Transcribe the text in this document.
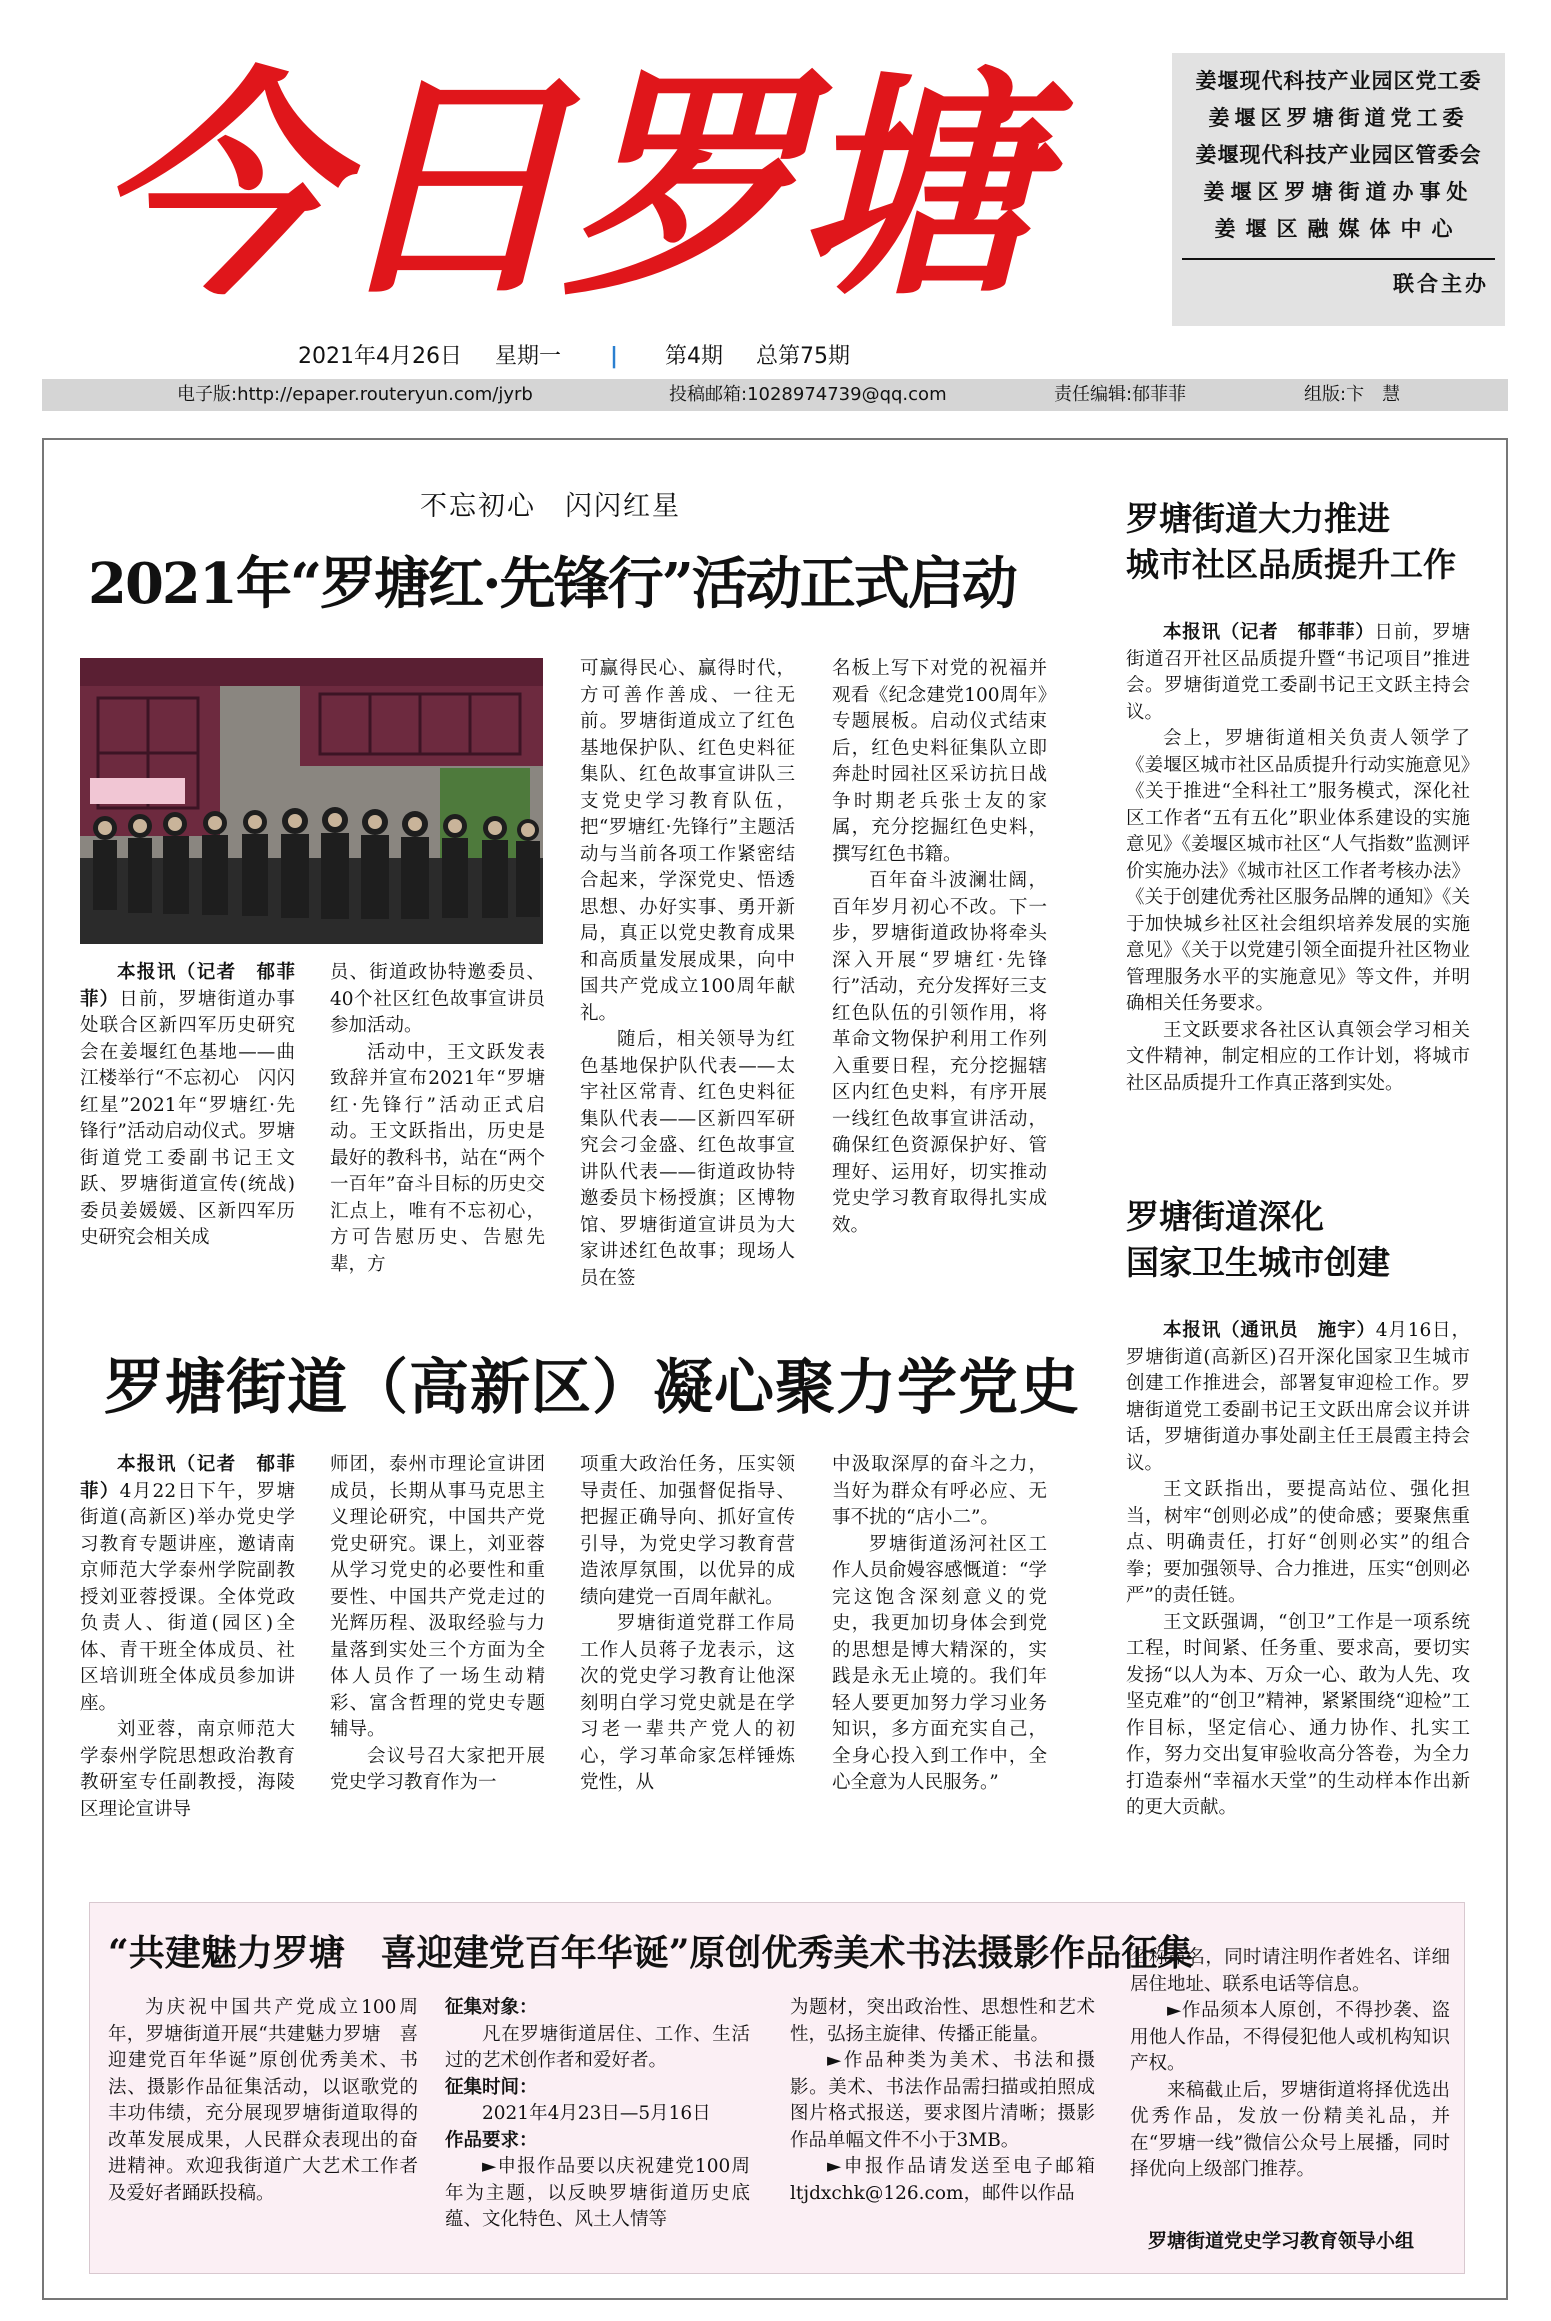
今日罗塘	姜堰现代科技产业园区党工委
姜堰区罗塘街道党工委
姜堰现代科技产业园区管委会
姜堰区罗塘街道办事处
姜堰区融媒体中心
联合主办
2021年4月26日 星期一 | 第4期 总第75期
电子版:http://epaper.routeryun.com/jyrb	投稿邮箱:1028974739@qq.com	责任编辑:郁菲菲	组版:卞　慧
不忘初心　闪闪红星
2021年“罗塘红·先锋行”活动正式启动

本报讯（记者　郁菲菲）日前，罗塘街道办事处联合区新四军历史研究会在姜堰红色基地——曲江楼举行“不忘初心　闪闪红星”2021年“罗塘红·先锋行”活动启动仪式。罗塘街道党工委副书记王文跃、罗塘街道宣传(统战)委员姜媛媛、区新四军历史研究会相关成

员、街道政协特邀委员、40个社区红色故事宣讲员参加活动。

活动中，王文跃发表致辞并宣布2021年“罗塘红·先锋行”活动正式启动。王文跃指出，历史是最好的教科书，站在“两个一百年”奋斗目标的历史交汇点上，唯有不忘初心，方可告慰历史、告慰先辈，方

可赢得民心、赢得时代，方可善作善成、一往无前。罗塘街道成立了红色基地保护队、红色史料征集队、红色故事宣讲队三支党史学习教育队伍，把“罗塘红·先锋行”主题活动与当前各项工作紧密结合起来，学深党史、悟透思想、办好实事、勇开新局，真正以党史教育成果和高质量发展成果，向中国共产党成立100周年献礼。

随后，相关领导为红色基地保护队代表——太宇社区常青、红色史料征集队代表——区新四军研究会刁金盛、红色故事宣讲队代表——街道政协特邀委员卞杨授旗；区博物馆、罗塘街道宣讲员为大家讲述红色故事；现场人员在签

名板上写下对党的祝福并观看《纪念建党100周年》专题展板。启动仪式结束后，红色史料征集队立即奔赴时园社区采访抗日战争时期老兵张士友的家属，充分挖掘红色史料，撰写红色书籍。

百年奋斗波澜壮阔，百年岁月初心不改。下一步，罗塘街道政协将牵头深入开展“罗塘红·先锋行”活动，充分发挥好三支红色队伍的引领作用，将革命文物保护利用工作列入重要日程，充分挖掘辖区内红色史料，有序开展一线红色故事宣讲活动，确保红色资源保护好、管理好、运用好，切实推动党史学习教育取得扎实成效。

罗塘街道（高新区）凝心聚力学党史

本报讯（记者　郁菲菲）4月22日下午，罗塘街道(高新区)举办党史学习教育专题讲座，邀请南京师范大学泰州学院副教授刘亚蓉授课。全体党政负责人、街道(园区)全体、青干班全体成员、社区培训班全体成员参加讲座。

刘亚蓉，南京师范大学泰州学院思想政治教育教研室专任副教授，海陵区理论宣讲导

师团，泰州市理论宣讲团成员，长期从事马克思主义理论研究，中国共产党党史研究。课上，刘亚蓉从学习党史的必要性和重要性、中国共产党走过的光辉历程、汲取经验与力量落到实处三个方面为全体人员作了一场生动精彩、富含哲理的党史专题辅导。

会议号召大家把开展党史学习教育作为一

项重大政治任务，压实领导责任、加强督促指导、把握正确导向、抓好宣传引导，为党史学习教育营造浓厚氛围，以优异的成绩向建党一百周年献礼。

罗塘街道党群工作局工作人员蒋子龙表示，这次的党史学习教育让他深刻明白学习党史就是在学习老一辈共产党人的初心，学习革命家怎样锤炼党性，从

中汲取深厚的奋斗之力，当好为群众有呼必应、无事不扰的“店小二”。

罗塘街道汤河社区工作人员俞嫚容感慨道：“学完这饱含深刻意义的党史，我更加切身体会到党的思想是博大精深的，实践是永无止境的。我们年轻人要更加努力学习业务知识，多方面充实自己，全身心投入到工作中，全心全意为人民服务。”

罗塘街道大力推进
城市社区品质提升工作

本报讯（记者　郁菲菲）日前，罗塘街道召开社区品质提升暨“书记项目”推进会。罗塘街道党工委副书记王文跃主持会议。

会上，罗塘街道相关负责人领学了《姜堰区城市社区品质提升行动实施意见》《关于推进“全科社工”服务模式，深化社区工作者“五有五化”职业体系建设的实施意见》《姜堰区城市社区“人气指数”监测评价实施办法》《城市社区工作者考核办法》《关于创建优秀社区服务品牌的通知》《关于加快城乡社区社会组织培养发展的实施意见》《关于以党建引领全面提升社区物业管理服务水平的实施意见》等文件，并明确相关任务要求。

王文跃要求各社区认真领会学习相关文件精神，制定相应的工作计划，将城市社区品质提升工作真正落到实处。

罗塘街道深化
国家卫生城市创建

本报讯（通讯员　施宇）4月16日，罗塘街道(高新区)召开深化国家卫生城市创建工作推进会，部署复审迎检工作。罗塘街道党工委副书记王文跃出席会议并讲话，罗塘街道办事处副主任王晨霞主持会议。

王文跃指出，要提高站位、强化担当，树牢“创则必成”的使命感；要聚焦重点、明确责任，打好“创则必实”的组合拳；要加强领导、合力推进，压实“创则必严”的责任链。

王文跃强调，“创卫”工作是一项系统工程，时间紧、任务重、要求高，要切实发扬“以人为本、万众一心、敢为人先、攻坚克难”的“创卫”精神，紧紧围绕“迎检”工作目标，坚定信心、通力协作、扎实工作，努力交出复审验收高分答卷，为全力打造泰州“幸福水天堂”的生动样本作出新的更大贡献。

“共建魅力罗塘　喜迎建党百年华诞”原创优秀美术书法摄影作品征集

为庆祝中国共产党成立100周年，罗塘街道开展“共建魅力罗塘　喜迎建党百年华诞”原创优秀美术、书法、摄影作品征集活动，以讴歌党的丰功伟绩，充分展现罗塘街道取得的改革发展成果，人民群众表现出的奋进精神。欢迎我街道广大艺术工作者及爱好者踊跃投稿。

征集对象：

凡在罗塘街道居住、工作、生活过的艺术创作者和爱好者。

征集时间：

2021年4月23日—5月16日

作品要求：

►申报作品要以庆祝建党100周年为主题，以反映罗塘街道历史底蕴、文化特色、风土人情等

为题材，突出政治性、思想性和艺术性，弘扬主旋律、传播正能量。

►作品种类为美术、书法和摄影。美术、书法作品需扫描或拍照成图片格式报送，要求图片清晰；摄影作品单幅文件不小于3MB。

►申报作品请发送至电子邮箱ltjdxchk@126.com，邮件以作品

名称命名，同时请注明作者姓名、详细居住地址、联系电话等信息。

►作品须本人原创，不得抄袭、盗用他人作品，不得侵犯他人或机构知识产权。

来稿截止后，罗塘街道将择优选出优秀作品，发放一份精美礼品，并在“罗塘一线”微信公众号上展播，同时择优向上级部门推荐。

罗塘街道党史学习教育领导小组
